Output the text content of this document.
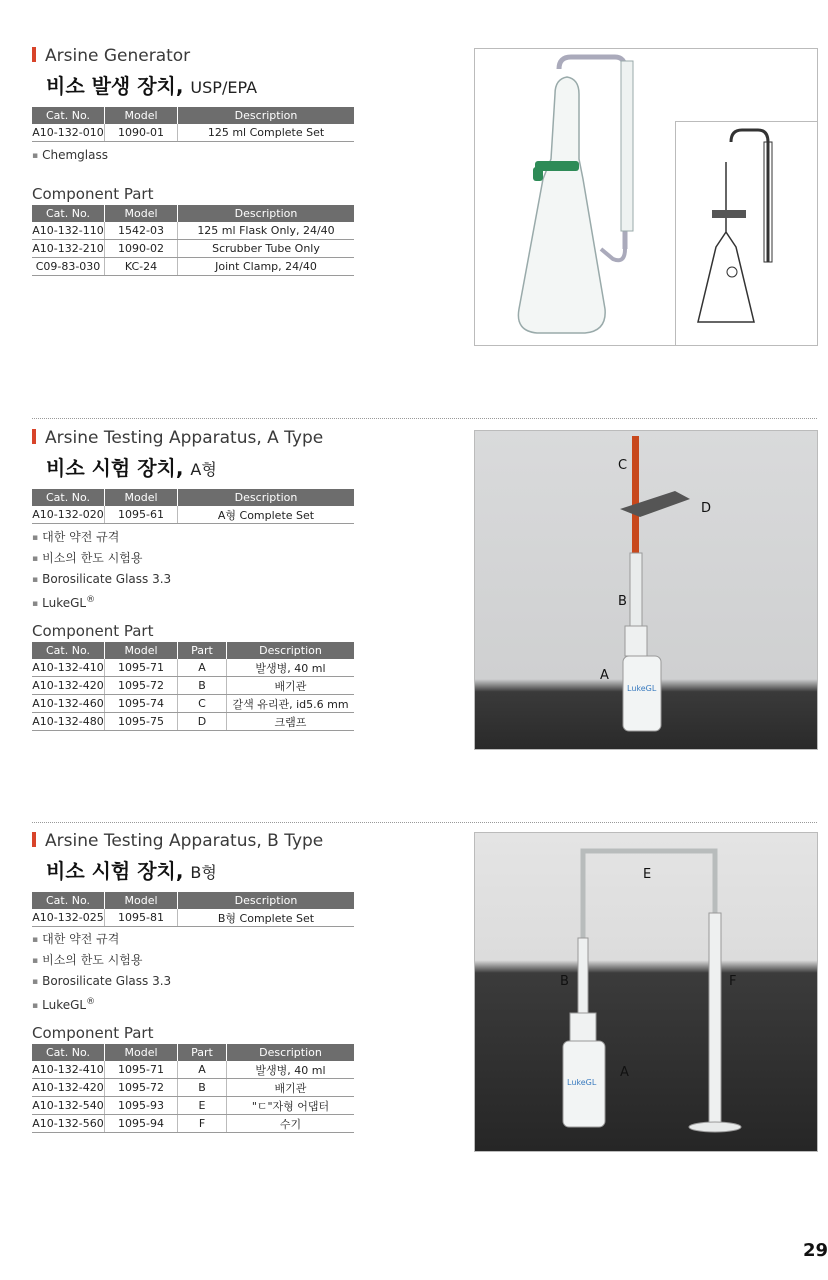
Arsine Generator
비소 발생 장치, USP/EPA
Cat. No.	Model	Description
A10-132-010	1090-01	125 ml Complete Set
▪ Chemglass
Component Part
Cat. No.	Model	Description
A10-132-110	1542-03	125 ml Flask Only, 24/40
A10-132-210	1090-02	Scrubber Tube Only
C09-83-030	KC-24	Joint Clamp, 24/40
Arsine Testing Apparatus, A Type
비소 시험 장치, A형
Cat. No.	Model	Description
A10-132-020	1095-61	A형 Complete Set
▪ 대한 약전 규격
▪ 비소의 한도 시험용
▪ Borosilicate Glass 3.3
▪ LukeGL®
Component Part
Cat. No.	Model	Part	Description
A10-132-410	1095-71	A	발생병, 40 ml
A10-132-420	1095-72	B	배기관
A10-132-460	1095-74	C	갈색 유리관, id5.6 mm
A10-132-480	1095-75	D	크램프
LukeGL
C
D
B
A
Arsine Testing Apparatus, B Type
비소 시험 장치, B형
Cat. No.	Model	Description
A10-132-025	1095-81	B형 Complete Set
▪ 대한 약전 규격
▪ 비소의 한도 시험용
▪ Borosilicate Glass 3.3
▪ LukeGL®
Component Part
Cat. No.	Model	Part	Description
A10-132-410	1095-71	A	발생병, 40 ml
A10-132-420	1095-72	B	배기관
A10-132-540	1095-93	E	"ㄷ"자형 어댑터
A10-132-560	1095-94	F	수기
LukeGL
E
B	F
A
29
